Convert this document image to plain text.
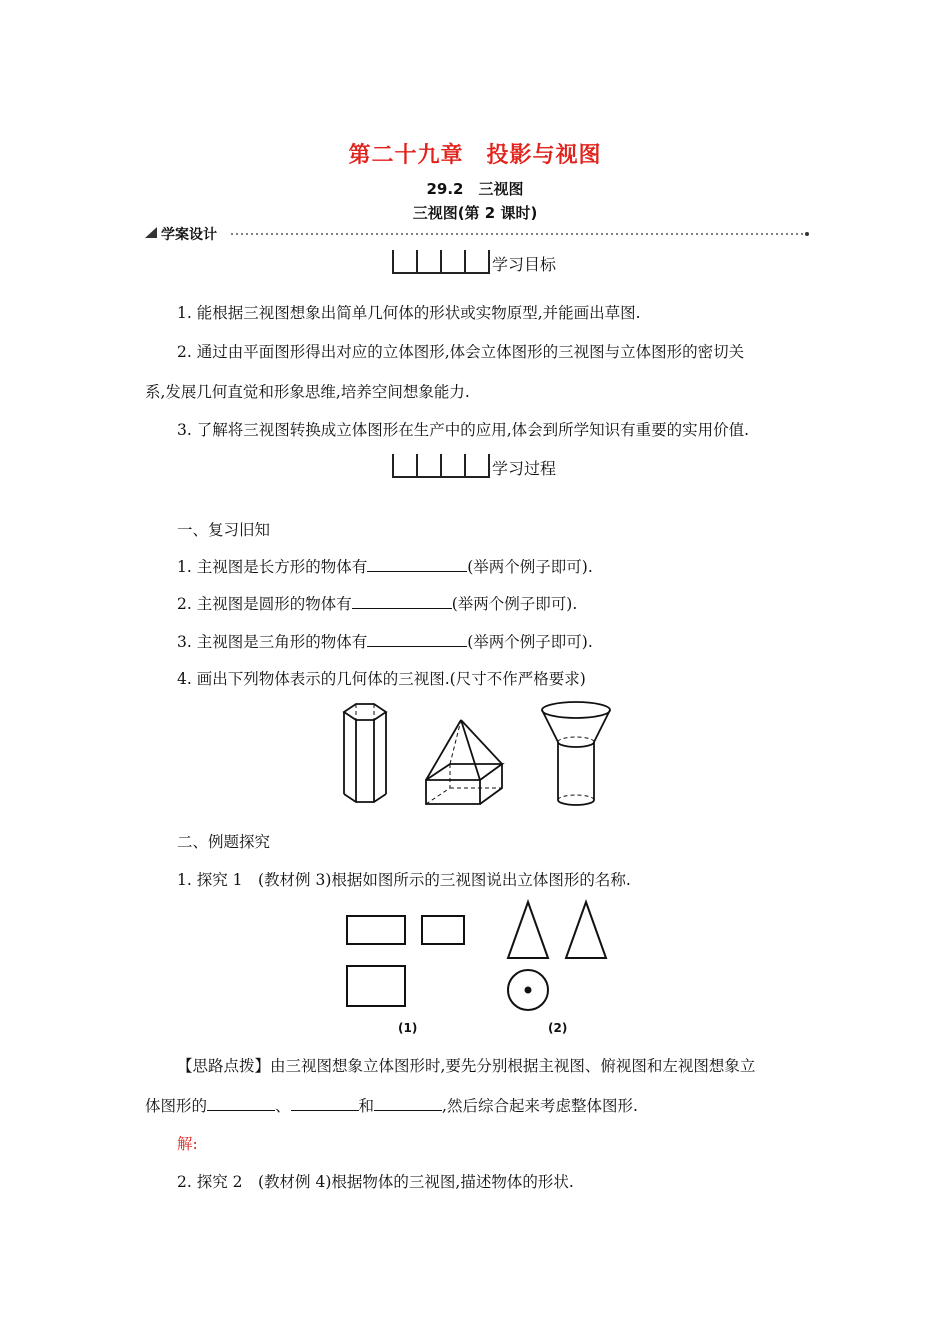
第二十九章　投影与视图
29.2　三视图
三视图(第 2 课时)
学案设计
学习目标
1. 能根据三视图想象出简单几何体的形状或实物原型,并能画出草图.
2. 通过由平面图形得出对应的立体图形,体会立体图形的三视图与立体图形的密切关
系,发展几何直觉和形象思维,培养空间想象能力.
3. 了解将三视图转换成立体图形在生产中的应用,体会到所学知识有重要的实用价值.
学习过程
一、复习旧知
1. 主视图是长方形的物体有	(举两个例子即可).
2. 主视图是圆形的物体有	(举两个例子即可).
3. 主视图是三角形的物体有	(举两个例子即可).
4. 画出下列物体表示的几何体的三视图.(尺寸不作严格要求)
二、例题探究
1. 探究 1　(教材例 3)根据如图所示的三视图说出立体图形的名称.
(1)	(2)
【思路点拨】由三视图想象立体图形时,要先分别根据主视图、俯视图和左视图想象立
体图形的	、	和	,然后综合起来考虑整体图形.
解:
2. 探究 2　(教材例 4)根据物体的三视图,描述物体的形状.
